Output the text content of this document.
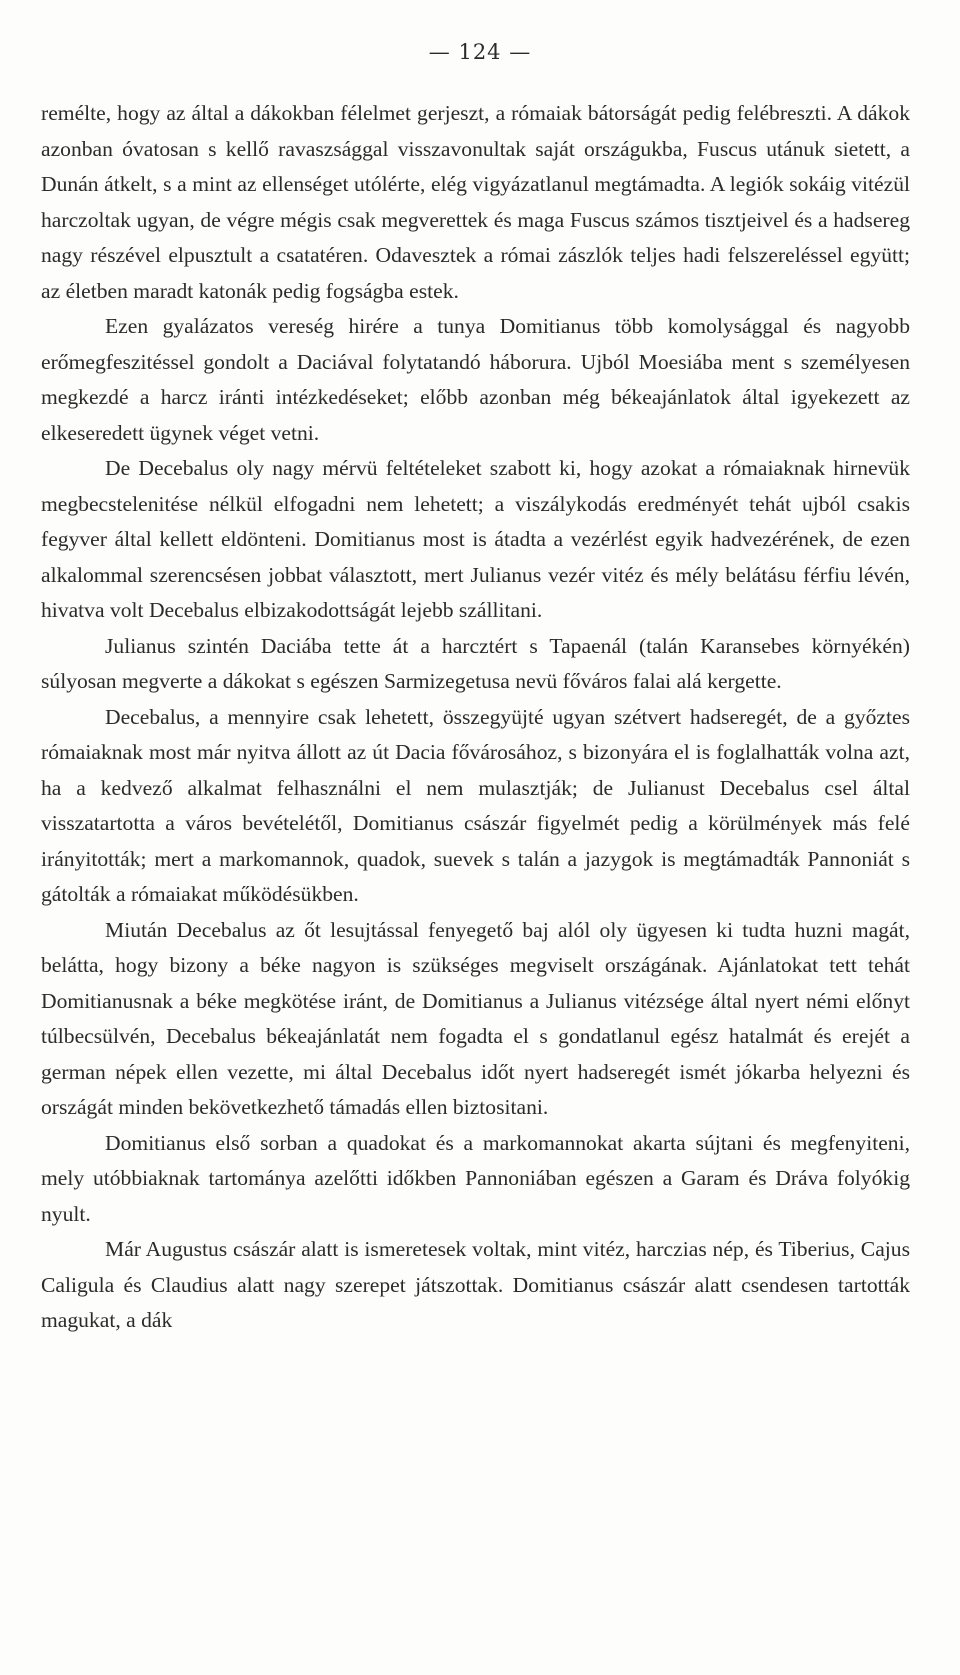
— 124 —

remélte, hogy az által a dákokban félelmet gerjeszt, a rómaiak bátorságát pedig felébreszti. A dákok azonban óvatosan s kellő ravaszsággal visszavonultak saját országukba, Fuscus utánuk sietett, a Dunán átkelt, s a mint az ellenséget utólérte, elég vigyázatlanul megtámadta. A legiók sokáig vitézül harczoltak ugyan, de végre mégis csak megverettek és maga Fuscus számos tisztjeivel és a hadsereg nagy részével elpusztult a csatatéren. Odavesztek a római zászlók teljes hadi felszereléssel együtt; az életben maradt katonák pedig fogságba estek.

Ezen gyalázatos vereség hirére a tunya Domitianus több komolysággal és nagyobb erőmegfeszitéssel gondolt a Daciával folytatandó háborura. Ujból Moesiába ment s személyesen megkezdé a harcz iránti intézkedéseket; előbb azonban még békeajánlatok által igyekezett az elkeseredett ügynek véget vetni.

De Decebalus oly nagy mérvü feltételeket szabott ki, hogy azokat a rómaiaknak hirnevük megbecstelenitése nélkül elfogadni nem lehetett; a viszálykodás eredményét tehát ujból csakis fegyver által kellett eldönteni. Domitianus most is átadta a vezérlést egyik hadvezérének, de ezen alkalommal szerencsésen jobbat választott, mert Julianus vezér vitéz és mély belátásu férfiu lévén, hivatva volt Decebalus elbizakodottságát lejebb szállitani.

Julianus szintén Daciába tette át a harcztért s Tapaenál (talán Karansebes környékén) súlyosan megverte a dákokat s egészen Sarmizegetusa nevü főváros falai alá kergette.

Decebalus, a mennyire csak lehetett, összegyüjté ugyan szétvert hadseregét, de a győztes rómaiaknak most már nyitva állott az út Dacia fővárosához, s bizonyára el is foglalhatták volna azt, ha a kedvező alkalmat felhasználni el nem mulasztják; de Julianust Decebalus csel által visszatartotta a város bevételétől, Domitianus császár figyelmét pedig a körülmények más felé irányitották; mert a markomannok, quadok, suevek s talán a jazygok is megtámadták Pannoniát s gátolták a rómaiakat működésükben.

Miután Decebalus az őt lesujtással fenyegető baj alól oly ügyesen ki tudta huzni magát, belátta, hogy bizony a béke nagyon is szükséges megviselt országának. Ajánlatokat tett tehát Domitianusnak a béke megkötése iránt, de Domitianus a Julianus vitézsége által nyert némi előnyt túlbecsülvén, Decebalus békeajánlatát nem fogadta el s gondatlanul egész hatalmát és erejét a german népek ellen vezette, mi által Decebalus időt nyert hadseregét ismét jókarba helyezni és országát minden bekövetkezhető támadás ellen biztositani.

Domitianus első sorban a quadokat és a markomannokat akarta sújtani és megfenyiteni, mely utóbbiaknak tartománya azelőtti időkben Pannoniában egészen a Garam és Dráva folyókig nyult.

Már Augustus császár alatt is ismeretesek voltak, mint vitéz, harczias nép, és Tiberius, Cajus Caligula és Claudius alatt nagy szerepet játszottak. Domitianus császár alatt csendesen tartották magukat, a dák
